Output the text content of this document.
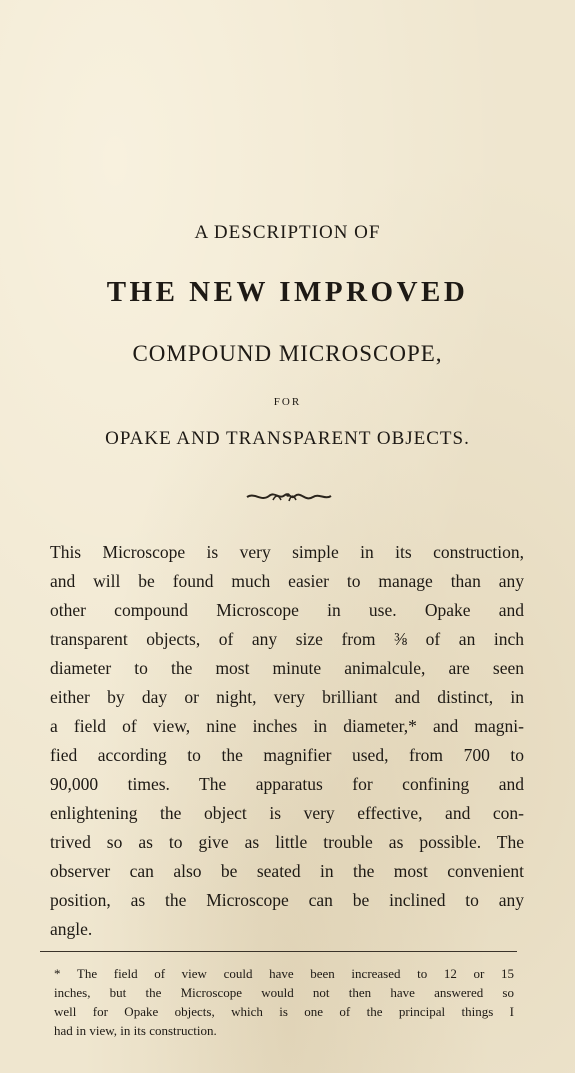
A DESCRIPTION OF
THE NEW IMPROVED
COMPOUND MICROSCOPE,
FOR
OPAKE AND TRANSPARENT OBJECTS.
This Microscope is very simple in its construction,
and will be found much easier to manage than any
other compound Microscope in use. Opake and
transparent objects, of any size from ⅜ of an inch
diameter to the most minute animalcule, are seen
either by day or night, very brilliant and distinct, in
a field of view, nine inches in diameter,* and magni-
fied according to the magnifier used, from 700 to
90,000 times. The apparatus for confining and
enlightening the object is very effective, and con-
trived so as to give as little trouble as possible. The
observer can also be seated in the most convenient
position, as the Microscope can be inclined to any
angle.
* The field of view could have been increased to 12 or 15
inches, but the Microscope would not then have answered so
well for Opake objects, which is one of the principal things I
had in view, in its construction.
